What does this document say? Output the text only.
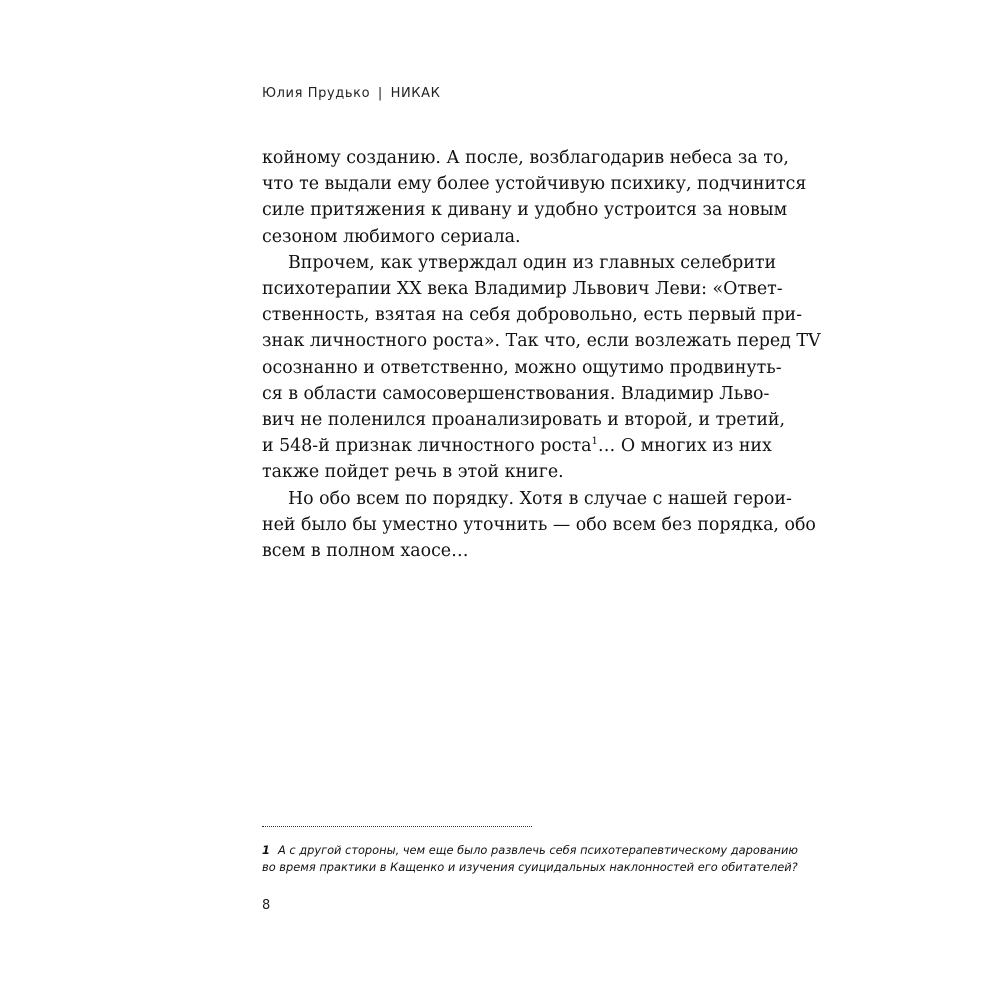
Юлия Прудько | НИКАК
койному созданию. А после, возблагодарив небеса за то,
что те выдали ему более устойчивую психику, подчинится
силе притяжения к дивану и удобно устроится за новым
сезоном любимого сериала.
Впрочем, как утверждал один из главных селебрити
психотерапии XX века Владимир Львович Леви: «Ответ-
ственность, взятая на себя добровольно, есть первый при-
знак личностного роста». Так что, если возлежать перед TV
осознанно и ответственно, можно ощутимо продвинуть-
ся в области самосовершенствования. Владимир Льво-
вич не поленился проанализировать и второй, и третий,
и 548-й признак личностного роста$^1$… О многих из них
также пойдет речь в этой книге.
Но обо всем по порядку. Хотя в случае с нашей герои-
ней было бы уместно уточнить — обо всем без порядка, обо
всем в полном хаосе…
1 А с другой стороны, чем еще было развлечь себя психотерапевтическому дарованию
во время практики в Кащенко и изучения суицидальных наклонностей его обитателей?
8
